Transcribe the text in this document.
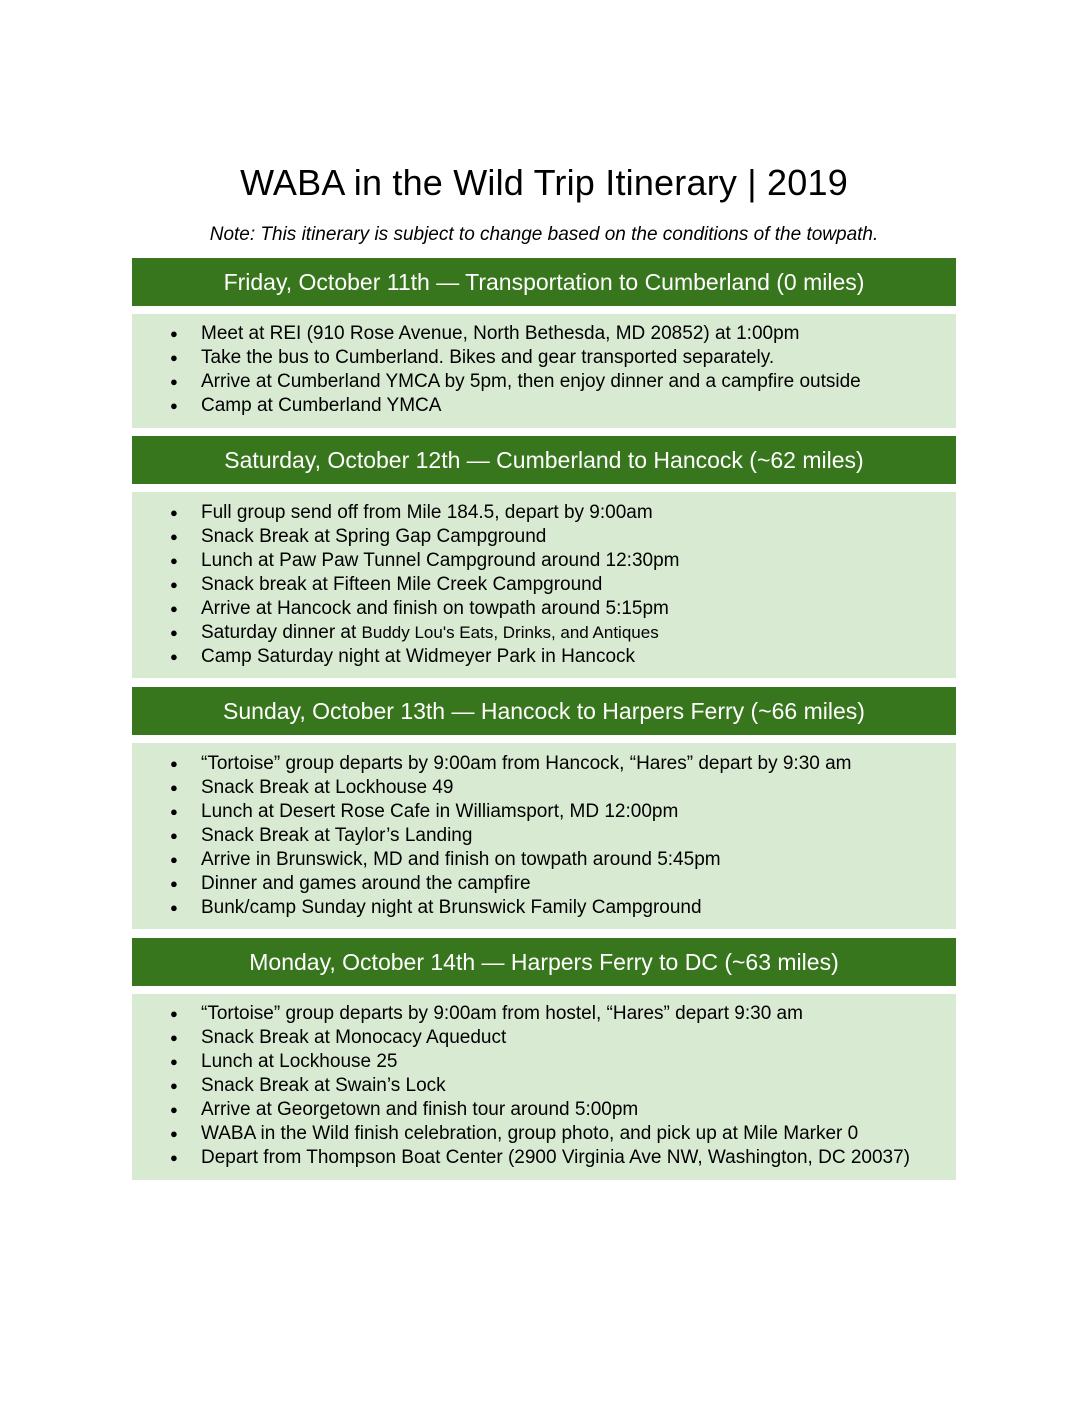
WABA in the Wild Trip Itinerary | 2019
Note: This itinerary is subject to change based on the conditions of the towpath.
Friday, October 11th — Transportation to Cumberland (0 miles)
● Meet at REI (910 Rose Avenue, North Bethesda, MD 20852) at 1:00pm
● Take the bus to Cumberland. Bikes and gear transported separately.
● Arrive at Cumberland YMCA by 5pm, then enjoy dinner and a campfire outside
● Camp at Cumberland YMCA
Saturday, October 12th — Cumberland to Hancock (~62 miles)
● Full group send off from Mile 184.5, depart by 9:00am
● Snack Break at Spring Gap Campground
● Lunch at Paw Paw Tunnel Campground around 12:30pm
● Snack break at Fifteen Mile Creek Campground
● Arrive at Hancock and finish on towpath around 5:15pm
● Saturday dinner at Buddy Lou's Eats, Drinks, and Antiques
● Camp Saturday night at Widmeyer Park in Hancock
Sunday, October 13th — Hancock to Harpers Ferry (~66 miles)
● “Tortoise” group departs by 9:00am from Hancock, “Hares” depart by 9:30 am
● Snack Break at Lockhouse 49
● Lunch at Desert Rose Cafe in Williamsport, MD 12:00pm
● Snack Break at Taylor’s Landing
● Arrive in Brunswick, MD and finish on towpath around 5:45pm
● Dinner and games around the campfire
● Bunk/camp Sunday night at Brunswick Family Campground
Monday, October 14th — Harpers Ferry to DC (~63 miles)
● “Tortoise” group departs by 9:00am from hostel, “Hares” depart 9:30 am
● Snack Break at Monocacy Aqueduct
● Lunch at Lockhouse 25
● Snack Break at Swain’s Lock
● Arrive at Georgetown and finish tour around 5:00pm
● WABA in the Wild finish celebration, group photo, and pick up at Mile Marker 0
● Depart from Thompson Boat Center (2900 Virginia Ave NW, Washington, DC 20037)
